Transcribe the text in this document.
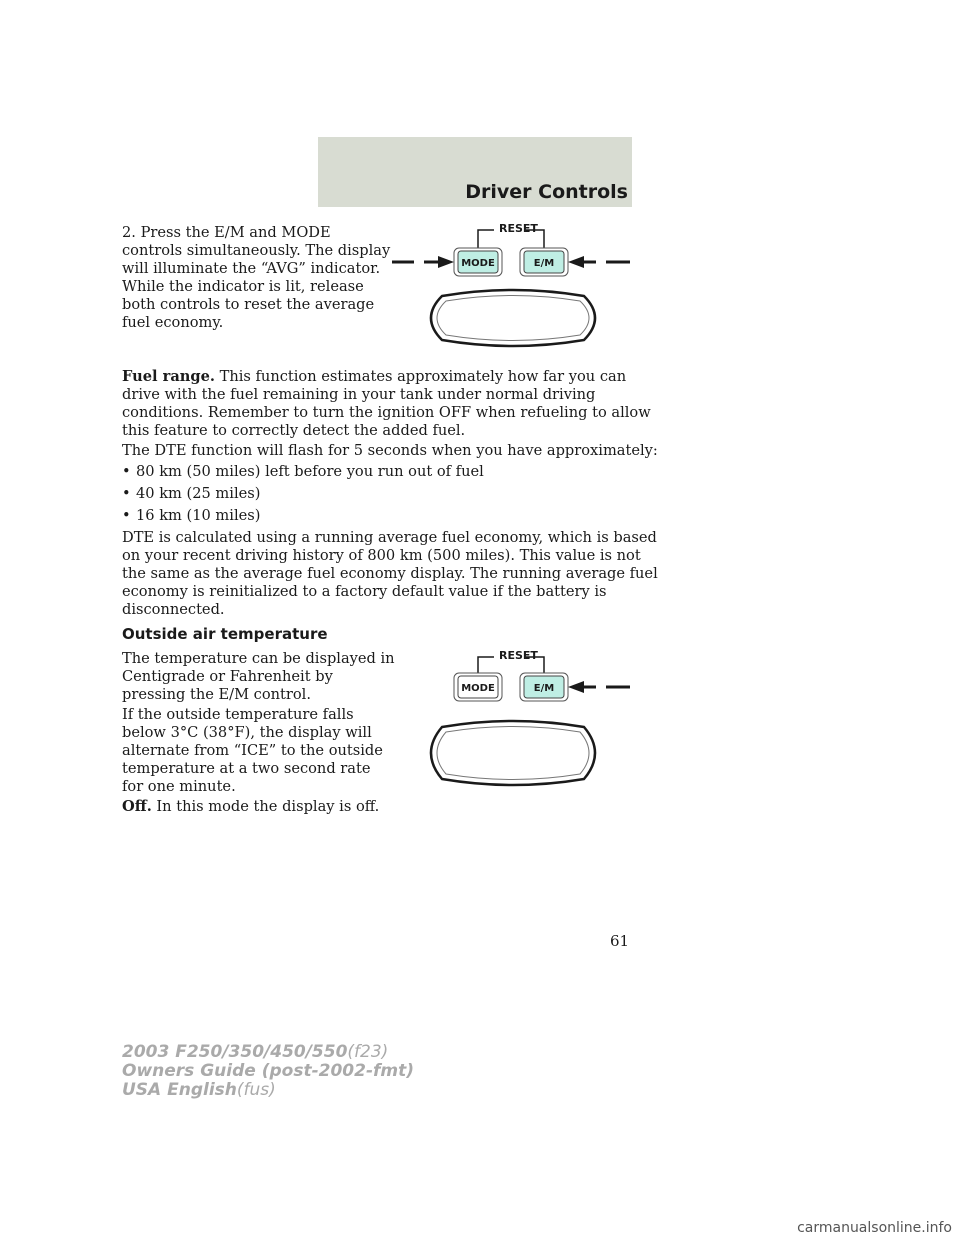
Driver Controls
2. Press the E/M and MODE
controls simultaneously. The display
will illuminate the “AVG” indicator.
While the indicator is lit, release
both controls to reset the average
fuel economy.
RESET
MODE	E/M
Fuel range. This function estimates approximately how far you can
drive with the fuel remaining in your tank under normal driving
conditions. Remember to turn the ignition OFF when refueling to allow
this feature to correctly detect the added fuel.
The DTE function will flash for 5 seconds when you have approximately:
• 80 km (50 miles) left before you run out of fuel
• 40 km (25 miles)
• 16 km (10 miles)
DTE is calculated using a running average fuel economy, which is based
on your recent driving history of 800 km (500 miles). This value is not
the same as the average fuel economy display. The running average fuel
economy is reinitialized to a factory default value if the battery is
disconnected.
Outside air temperature
The temperature can be displayed in
Centigrade or Fahrenheit by
pressing the E/M control.
If the outside temperature falls
below 3°C (38°F), the display will
alternate from “ICE” to the outside
temperature at a two second rate
for one minute.
Off. In this mode the display is off.
RESET
MODE	E/M
61
2003 F250/350/450/550(f23)
Owners Guide (post-2002-fmt)
USA English(fus)
carmanualsonline.info
